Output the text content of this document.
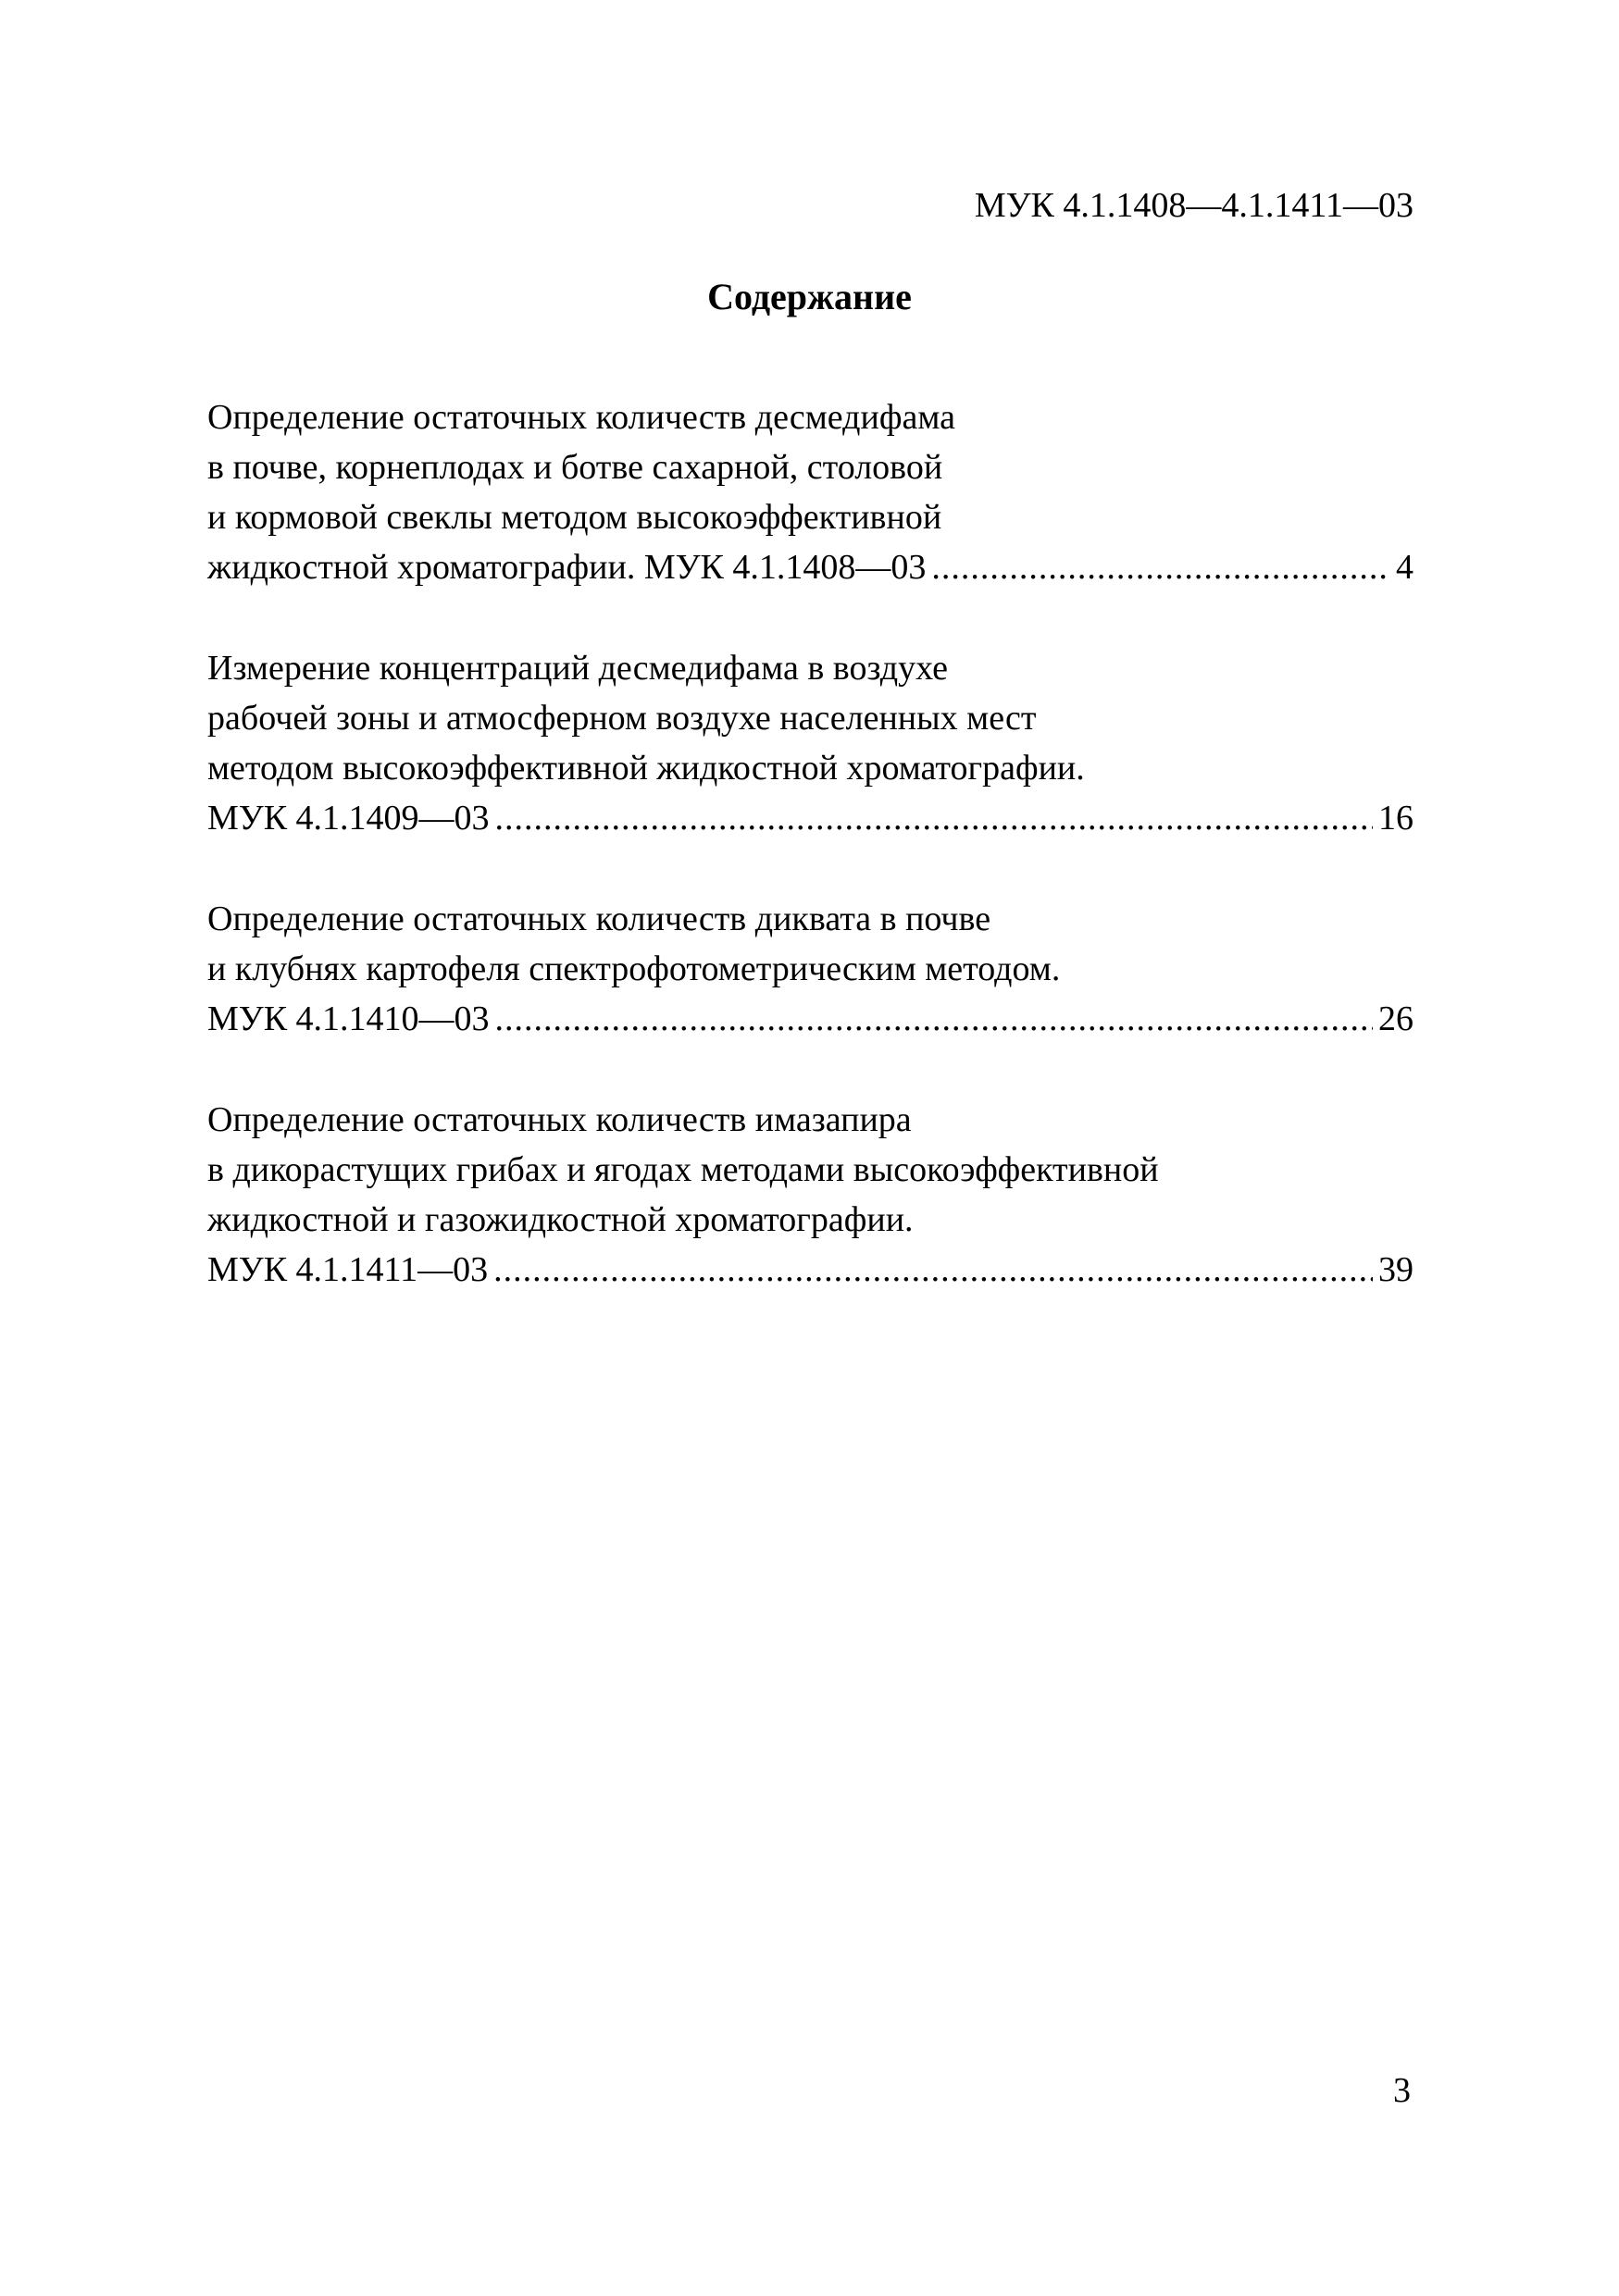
МУК 4.1.1408—4.1.1411—03
Содержание
Определение остаточных количеств десмедифама
в почве, корнеплодах и ботве сахарной, столовой
и кормовой свеклы методом высокоэффективной
жидкостной хроматографии. МУК 4.1.1408—03 .....	4
Измерение концентраций десмедифама в воздухе
рабочей зоны и атмосферном воздухе населенных мест
методом высокоэффективной жидкостной хроматографии.
МУК 4.1.1409—03 .....	16
Определение остаточных количеств диквата в почве
и клубнях картофеля спектрофотометрическим методом.
МУК 4.1.1410—03 .....	26
Определение остаточных количеств имазапира
в дикорастущих грибах и ягодах методами высокоэффективной
жидкостной и газожидкостной хроматографии.
МУК 4.1.1411—03 .....	39
3
